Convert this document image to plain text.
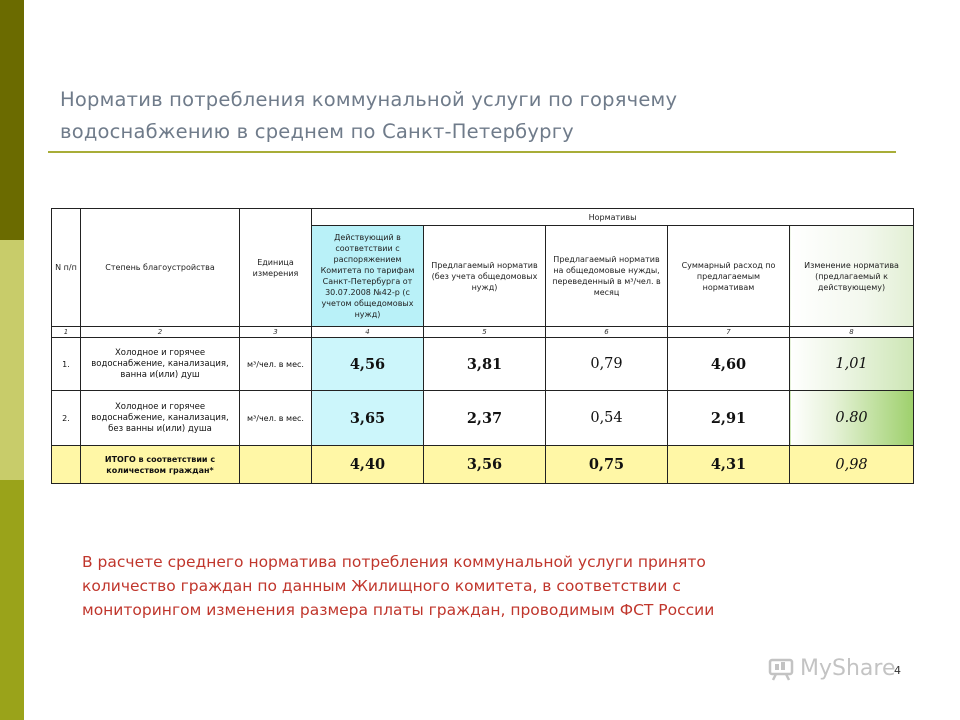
Норматив потребления коммунальной услуги по горячему
водоснабжению в среднем по Санкт-Петербургу
N п/п	Степень благоустройства	Единица измерения	Нормативы				
			Действующий в соответствии с распоряжением Комитета по тарифам Санкт-Петербурга от 30.07.2008 №42-р (с учетом общедомовых нужд)	Предлагаемый норматив (без учета общедомовых нужд)	Предлагаемый норматив на общедомовые нужды, переведенный в м³/чел. в месяц	Суммарный расход по предлагаемым нормативам	Изменение норматива (предлагаемый к действующему)
1	2	3	4	5	6	7	8
1.	Холодное и горячее водоснабжение, канализация, ванна и(или) душ	м³/чел. в мес.	4,56	3,81	0,79	4,60	1,01
2.	Холодное и горячее водоснабжение, канализация, без ванны и(или) душа	м³/чел. в мес.	3,65	2,37	0,54	2,91	0.80
	ИТОГО в соответствии с количеством граждан*		4,40	3,56	0,75	4,31	0,98
В расчете среднего норматива потребления коммунальной услуги принято
количество граждан по данным Жилищного комитета, в соответствии с
мониторингом изменения размера платы граждан, проводимым ФСТ России
MyShare
4
